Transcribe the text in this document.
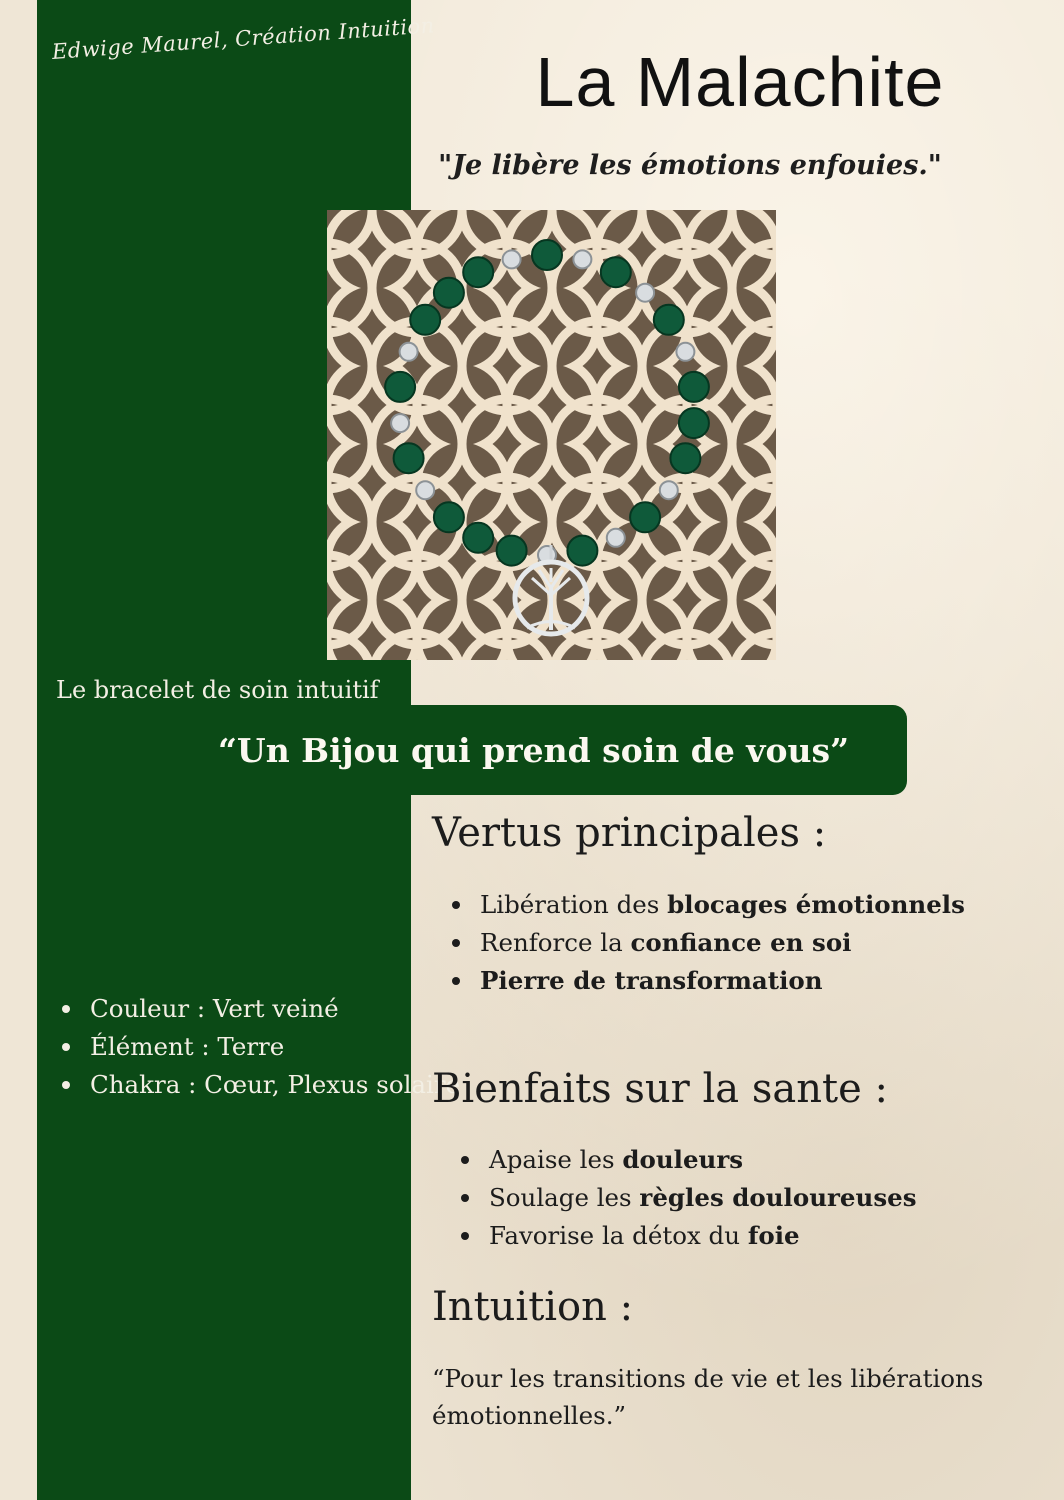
Edwige Maurel, Création Intuition
La Malachite
"Je libère les émotions enfouies."
Le bracelet de soin intuitif
“Un Bijou qui prend soin de vous”
Vertus principales :
Libération des blocages émotionnels
Renforce la confiance en soi
Pierre de transformation
Couleur : Vert veiné
Élément : Terre
Chakra : Cœur, Plexus solaire
Bienfaits sur la sante :
Apaise les douleurs
Soulage les règles douloureuses
Favorise la détox du foie
Intuition :
“Pour les transitions de vie et les libérations émotionnelles.”
